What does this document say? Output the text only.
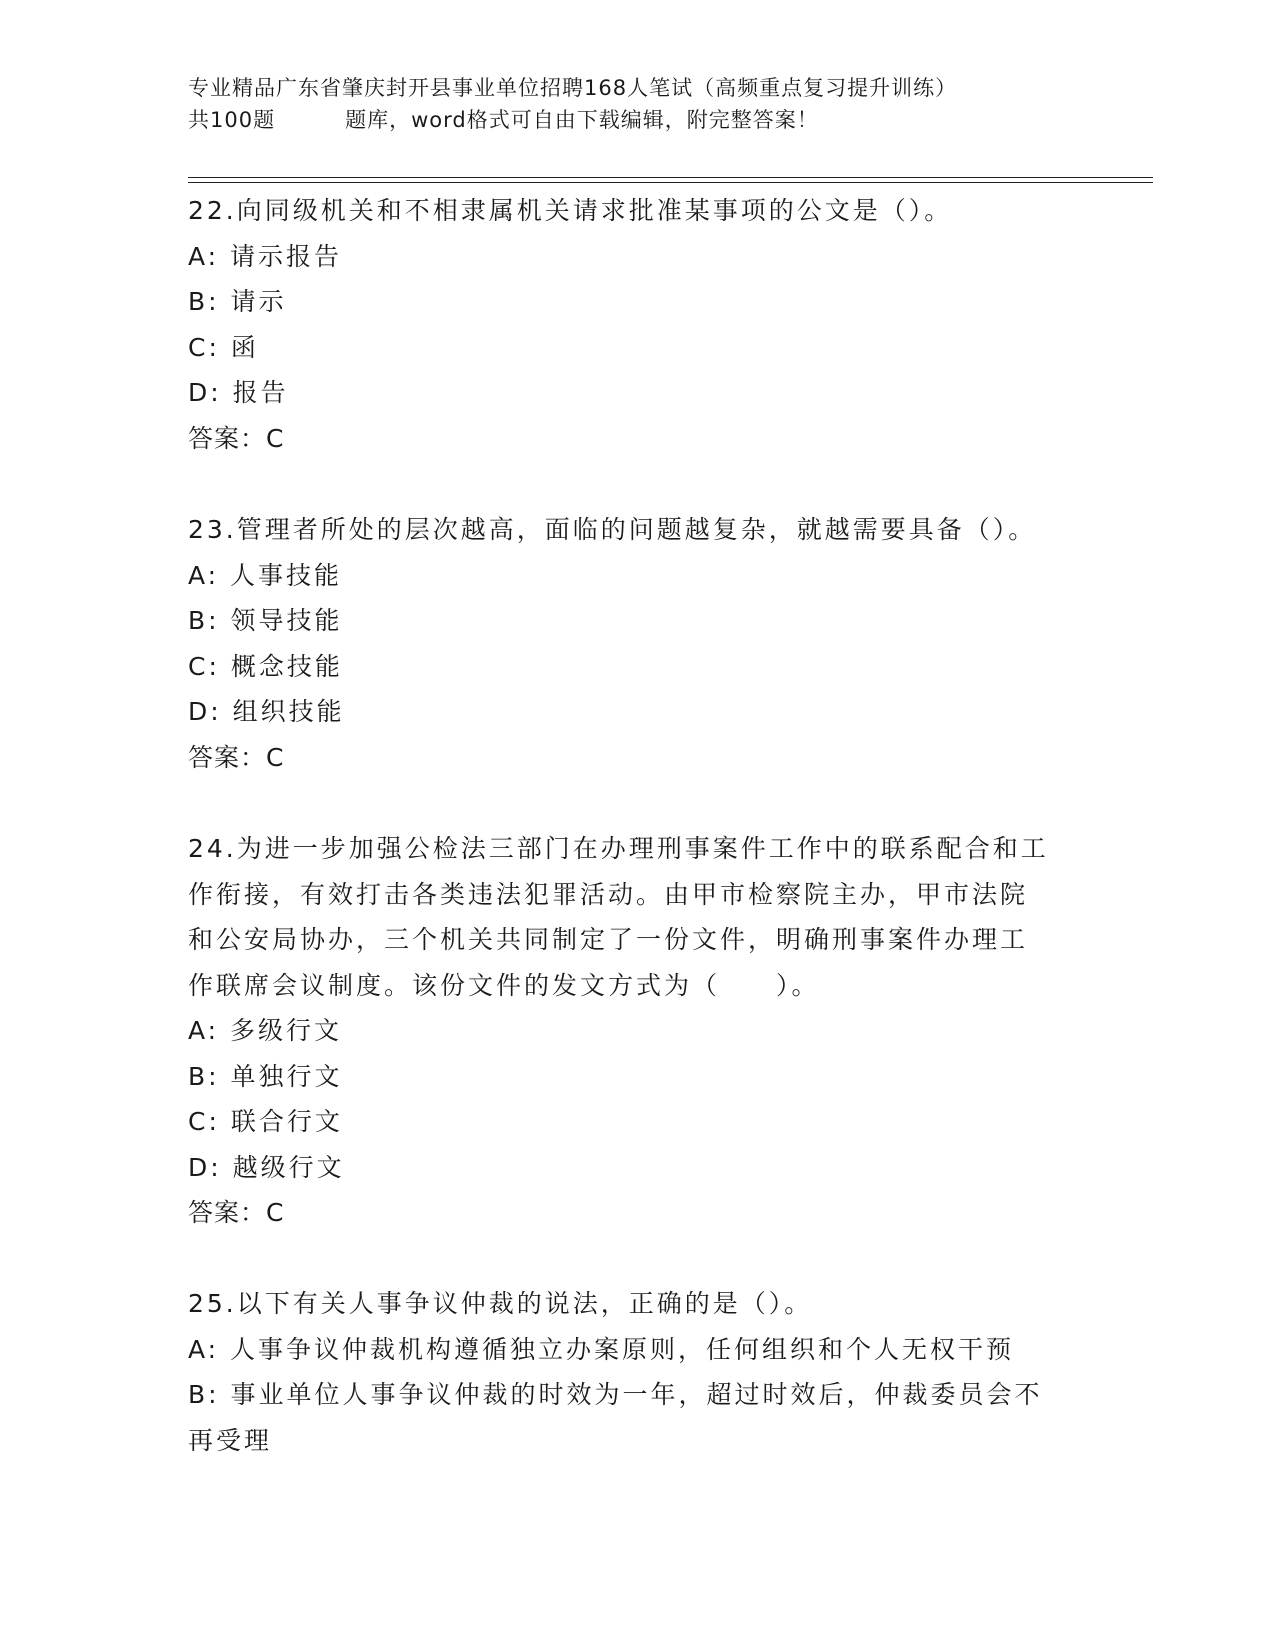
专业精品广东省肇庆封开县事业单位招聘168人笔试（高频重点复习提升训练）
共100题	题库，word格式可自由下载编辑，附完整答案！
22.向同级机关和不相隶属机关请求批准某事项的公文是（）。
A: 请示报告
B: 请示
C: 函
D: 报告
答案：C
23.管理者所处的层次越高，面临的问题越复杂，就越需要具备（）。
A: 人事技能
B: 领导技能
C: 概念技能
D: 组织技能
答案：C
24.为进一步加强公检法三部门在办理刑事案件工作中的联系配合和工
作衔接，有效打击各类违法犯罪活动。由甲市检察院主办，甲市法院
和公安局协办，三个机关共同制定了一份文件，明确刑事案件办理工
作联席会议制度。该份文件的发文方式为（　　）。
A: 多级行文
B: 单独行文
C: 联合行文
D: 越级行文
答案：C
25.以下有关人事争议仲裁的说法，正确的是（）。
A: 人事争议仲裁机构遵循独立办案原则，任何组织和个人无权干预
B: 事业单位人事争议仲裁的时效为一年，超过时效后，仲裁委员会不
再受理
